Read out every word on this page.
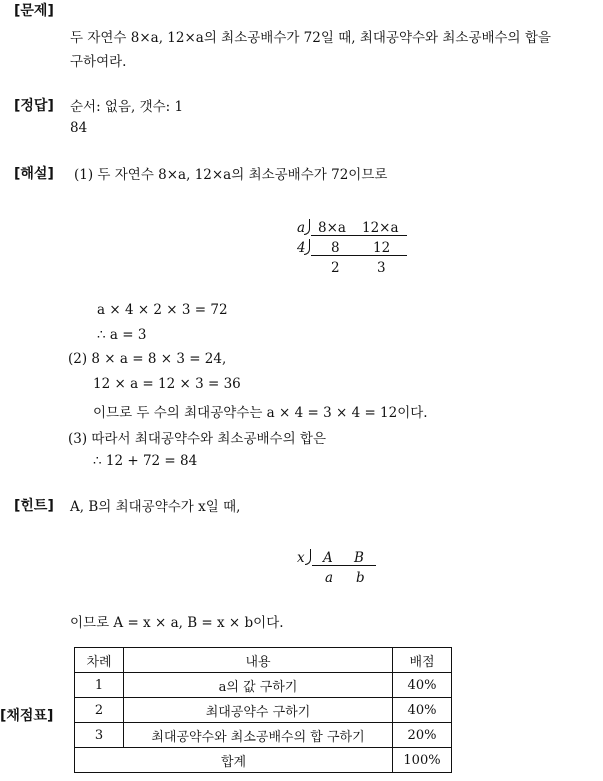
[문제]
[정답]
[해설]
[힌트]
[채점표]
두 자연수 8×a, 12×a의 최소공배수가 72일 때, 최대공약수와 최소공배수의 합을
구하여라.
순서: 없음, 갯수: 1
84
(1) 두 자연수 8×a, 12×a의 최소공배수가 72이므로
a 8×a 12×a
4 8 12
2	3
a × 4 × 2 × 3 = 72
∴ a = 3
(2) 8 × a = 8 × 3 = 24,
12 × a = 12 × 3 = 36
이므로 두 수의 최대공약수는 a × 4 = 3 × 4 = 12이다.
(3) 따라서 최대공약수와 최소공배수의 합은
∴ 12 + 72 = 84
A, B의 최대공약수가 x일 때,
x A B
a b
이므로 A = x × a, B = x × b이다.
차례	내용	배점
1	a의 값 구하기	40%
2	최대공약수 구하기	40%
3	최대공약수와 최소공배수의 합 구하기	20%
합계		100%
